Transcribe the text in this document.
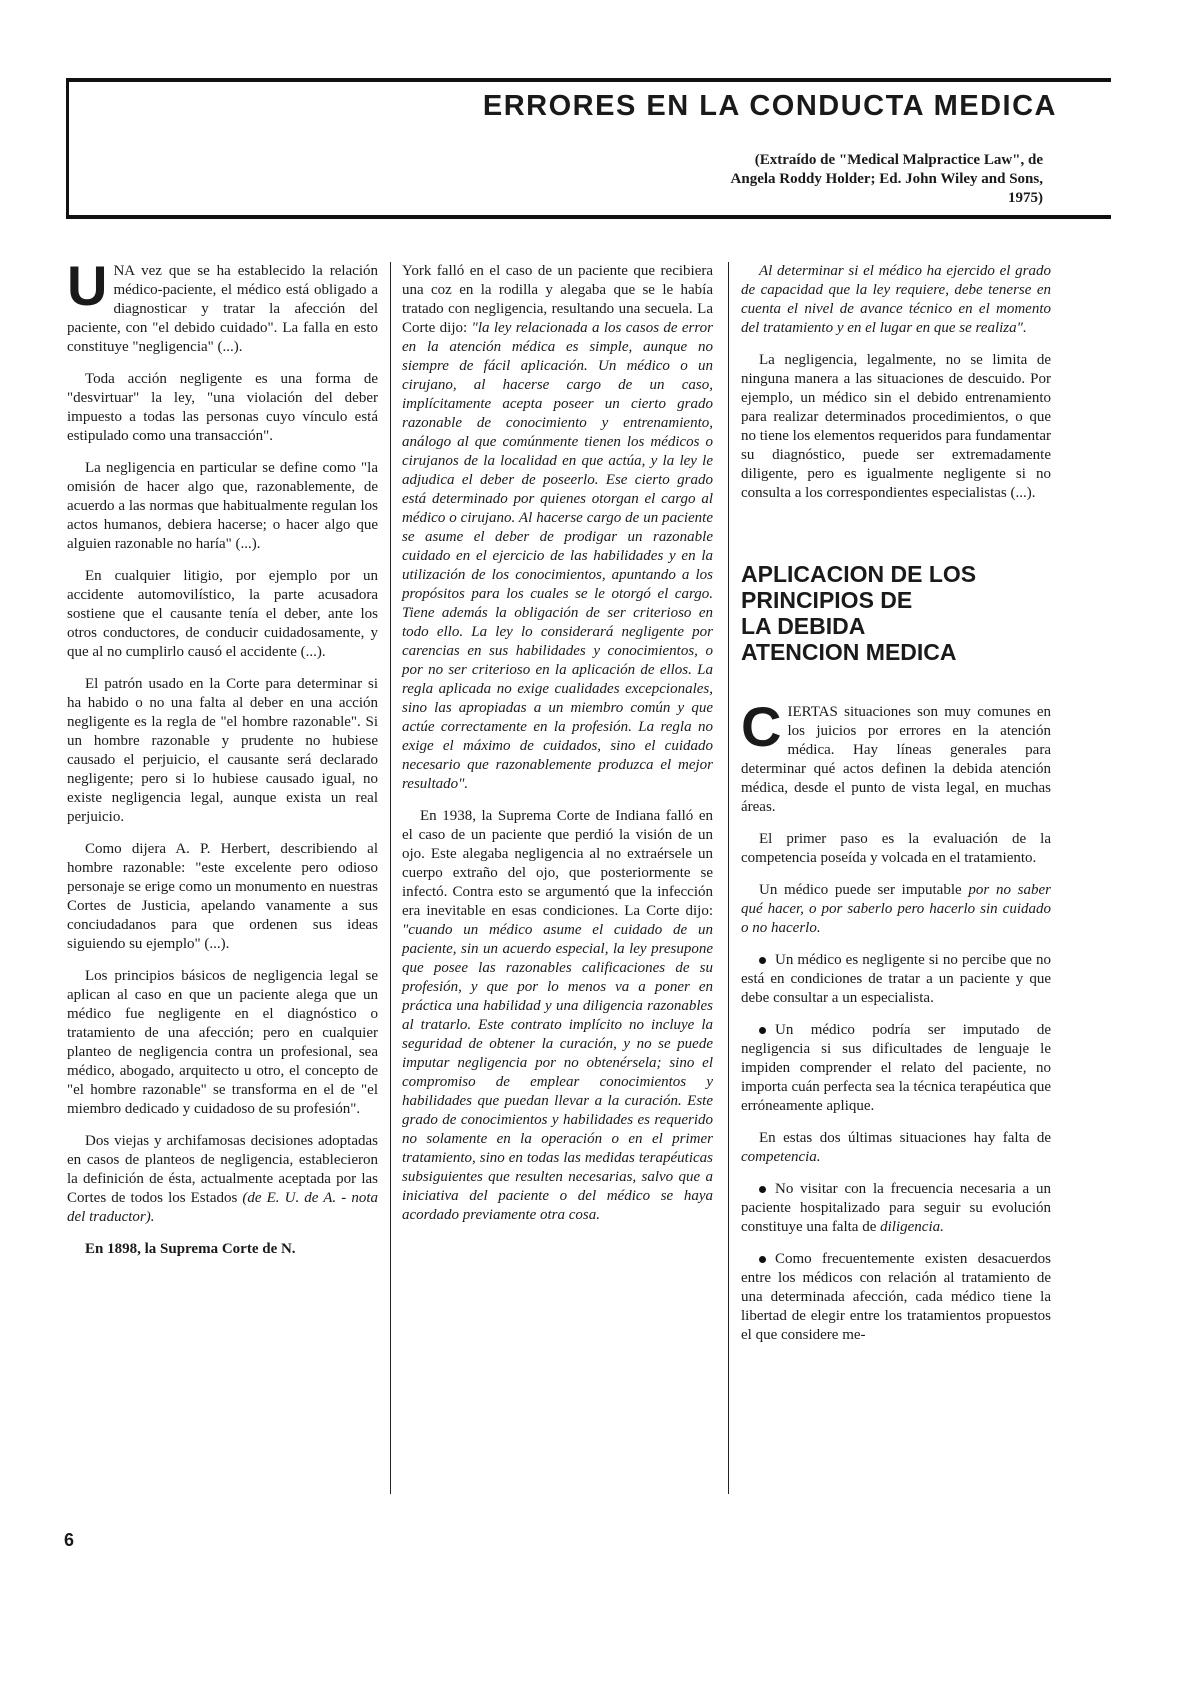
ERRORES EN LA CONDUCTA MEDICA
(Extraído de "Medical Malpractice Law", de Angela Roddy Holder; Ed. John Wiley and Sons, 1975)

UNA vez que se ha establecido la relación médico-paciente, el médico está obligado a diagnosticar y tratar la afección del paciente, con "el debido cuidado". La falla en esto constituye "negligencia" (...).

Toda acción negligente es una forma de "desvirtuar" la ley, "una violación del deber impuesto a todas las personas cuyo vínculo está estipulado como una transacción".

La negligencia en particular se define como "la omisión de hacer algo que, razonablemente, de acuerdo a las normas que habitualmente regulan los actos humanos, debiera hacerse; o hacer algo que alguien razonable no haría" (...).

En cualquier litigio, por ejemplo por un accidente automovilístico, la parte acusadora sostiene que el causante tenía el deber, ante los otros conductores, de conducir cuidadosamente, y que al no cumplirlo causó el accidente (...).

El patrón usado en la Corte para determinar si ha habido o no una falta al deber en una acción negligente es la regla de "el hombre razonable". Si un hombre razonable y prudente no hubiese causado el perjuicio, el causante será declarado negligente; pero si lo hubiese causado igual, no existe negligencia legal, aunque exista un real perjuicio.

Como dijera A. P. Herbert, describiendo al hombre razonable: "este excelente pero odioso personaje se erige como un monumento en nuestras Cortes de Justicia, apelando vanamente a sus conciudadanos para que ordenen sus ideas siguiendo su ejemplo" (...).

Los principios básicos de negligencia legal se aplican al caso en que un paciente alega que un médico fue negligente en el diagnóstico o tratamiento de una afección; pero en cualquier planteo de negligencia contra un profesional, sea médico, abogado, arquitecto u otro, el concepto de "el hombre razonable" se transforma en el de "el miembro dedicado y cuidadoso de su profesión".

Dos viejas y archifamosas decisiones adoptadas en casos de planteos de negligencia, establecieron la definición de ésta, actualmente aceptada por las Cortes de todos los Estados (de E. U. de A. - nota del traductor).

En 1898, la Suprema Corte de N.

York falló en el caso de un paciente que recibiera una coz en la rodilla y alegaba que se le había tratado con negligencia, resultando una secuela. La Corte dijo: "la ley relacionada a los casos de error en la atención médica es simple, aunque no siempre de fácil aplicación. Un médico o un cirujano, al hacerse cargo de un caso, implícitamente acepta poseer un cierto grado razonable de conocimiento y entrenamiento, análogo al que comúnmente tienen los médicos o cirujanos de la localidad en que actúa, y la ley le adjudica el deber de poseerlo. Ese cierto grado está determinado por quienes otorgan el cargo al médico o cirujano. Al hacerse cargo de un paciente se asume el deber de prodigar un razonable cuidado en el ejercicio de las habilidades y en la utilización de los conocimientos, apuntando a los propósitos para los cuales se le otorgó el cargo. Tiene además la obligación de ser criterioso en todo ello. La ley lo considerará negligente por carencias en sus habilidades y conocimientos, o por no ser criterioso en la aplicación de ellos. La regla aplicada no exige cualidades excepcionales, sino las apropiadas a un miembro común y que actúe correctamente en la profesión. La regla no exige el máximo de cuidados, sino el cuidado necesario que razonablemente produzca el mejor resultado".

En 1938, la Suprema Corte de Indiana falló en el caso de un paciente que perdió la visión de un ojo. Este alegaba negligencia al no extraérsele un cuerpo extraño del ojo, que posteriormente se infectó. Contra esto se argumentó que la infección era inevitable en esas condiciones. La Corte dijo: "cuando un médico asume el cuidado de un paciente, sin un acuerdo especial, la ley presupone que posee las razonables calificaciones de su profesión, y que por lo menos va a poner en práctica una habilidad y una diligencia razonables al tratarlo. Este contrato implícito no incluye la seguridad de obtener la curación, y no se puede imputar negligencia por no obtenérsela; sino el compromiso de emplear conocimientos y habilidades que puedan llevar a la curación. Este grado de conocimientos y habilidades es requerido no solamente en la operación o en el primer tratamiento, sino en todas las medidas terapéuticas subsiguientes que resulten necesarias, salvo que a iniciativa del paciente o del médico se haya acordado previamente otra cosa.

Al determinar si el médico ha ejercido el grado de capacidad que la ley requiere, debe tenerse en cuenta el nivel de avance técnico en el momento del tratamiento y en el lugar en que se realiza".

La negligencia, legalmente, no se limita de ninguna manera a las situaciones de descuido. Por ejemplo, un médico sin el debido entrenamiento para realizar determinados procedimientos, o que no tiene los elementos requeridos para fundamentar su diagnóstico, puede ser extremadamente diligente, pero es igualmente negligente si no consulta a los correspondientes especialistas (...).

APLICACION DE LOS
PRINCIPIOS DE
LA DEBIDA
ATENCION MEDICA

CIERTAS situaciones son muy comunes en los juicios por errores en la atención médica. Hay líneas generales para determinar qué actos definen la debida atención médica, desde el punto de vista legal, en muchas áreas.

El primer paso es la evaluación de la competencia poseída y volcada en el tratamiento.

Un médico puede ser imputable por no saber qué hacer, o por saberlo pero hacerlo sin cuidado o no hacerlo.

Un médico es negligente si no percibe que no está en condiciones de tratar a un paciente y que debe consultar a un especialista.

Un médico podría ser imputado de negligencia si sus dificultades de lenguaje le impiden comprender el relato del paciente, no importa cuán perfecta sea la técnica terapéutica que erróneamente aplique.

En estas dos últimas situaciones hay falta de competencia.

No visitar con la frecuencia necesaria a un paciente hospitalizado para seguir su evolución constituye una falta de diligencia.

Como frecuentemente existen desacuerdos entre los médicos con relación al tratamiento de una determinada afección, cada médico tiene la libertad de elegir entre los tratamientos propuestos el que considere me-

6
